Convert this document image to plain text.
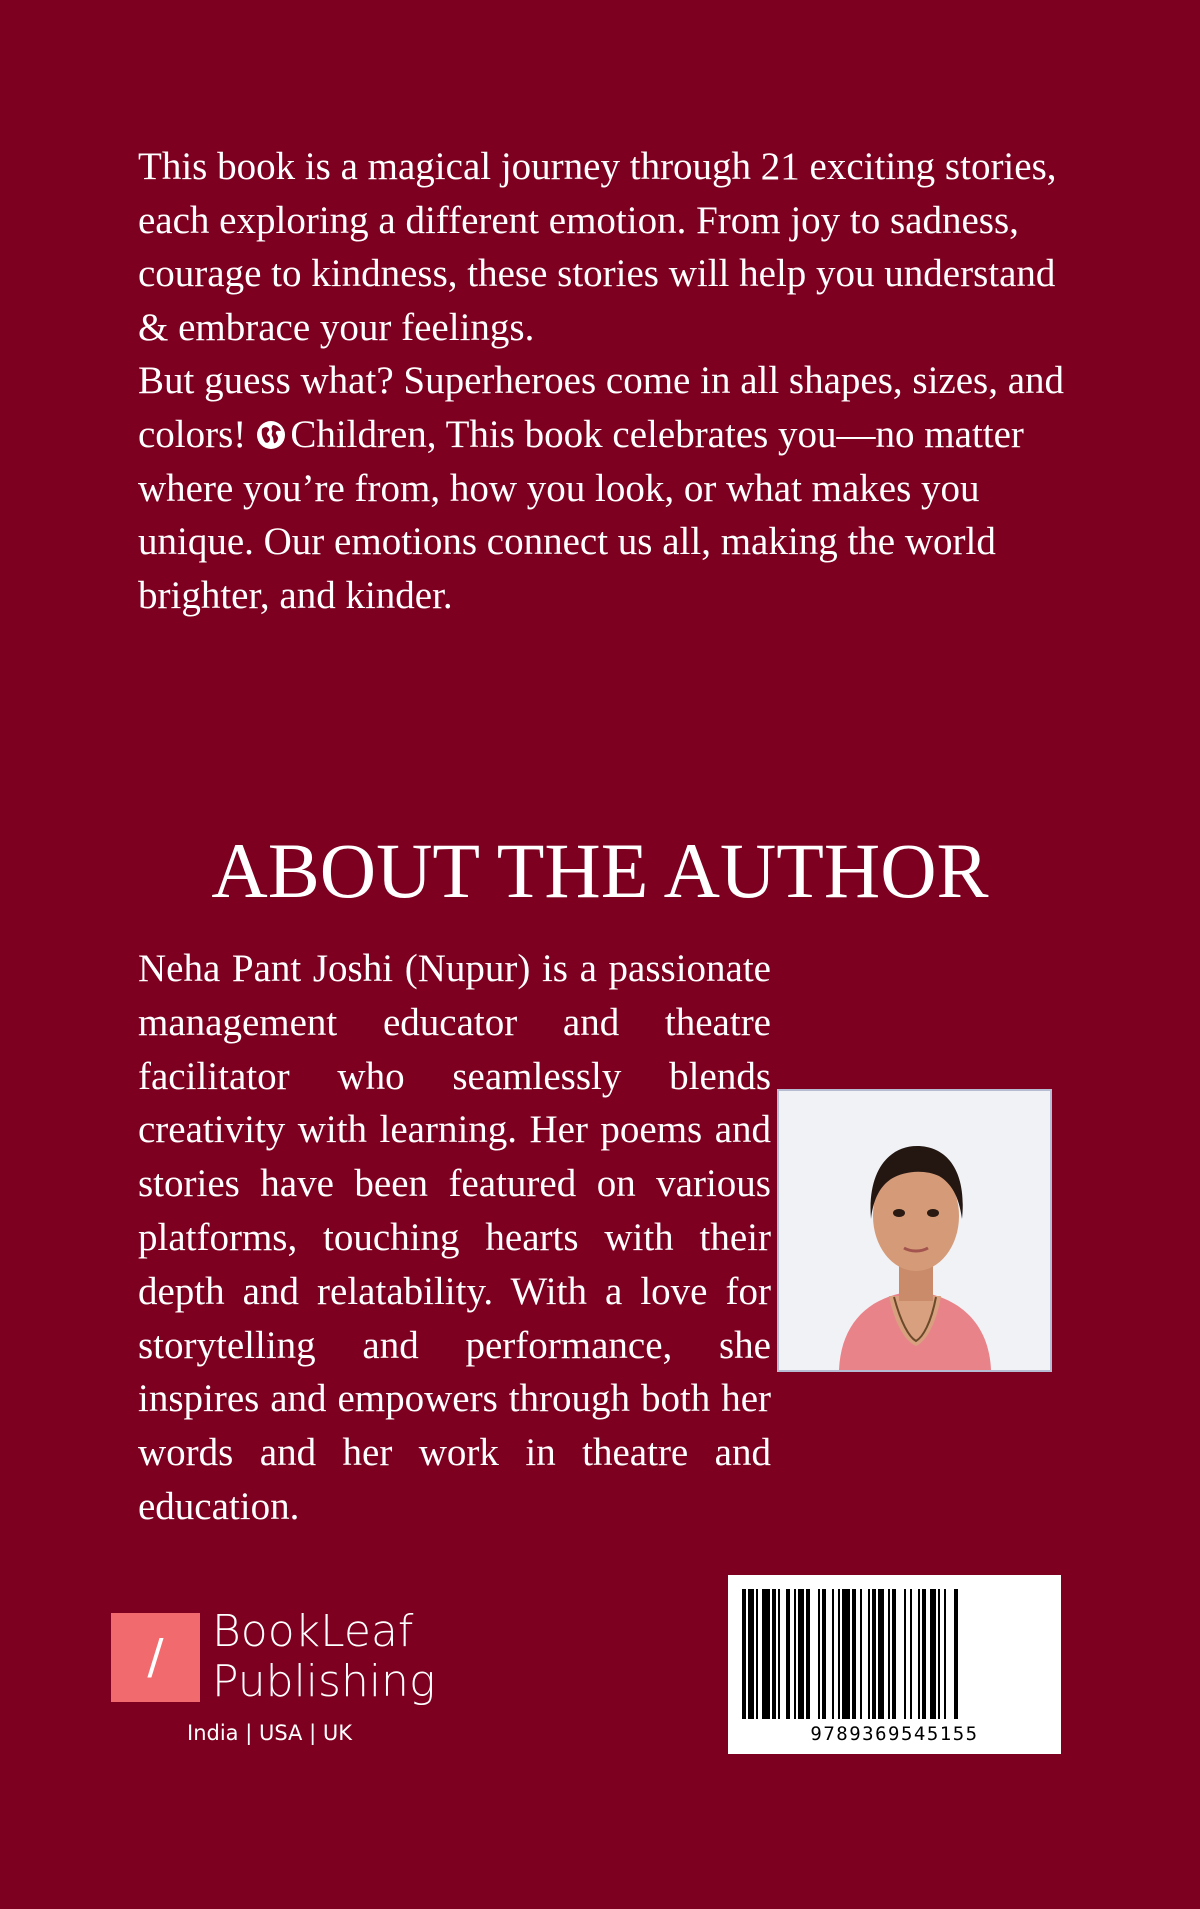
This book is a magical journey through 21 exciting stories, each exploring a different emotion. From joy to sadness, courage to kindness, these stories will help you understand & embrace your feelings.

But guess what? Superheroes come in all shapes, sizes, and colors! Children, This book celebrates you—no matter where you’re from, how you look, or what makes you unique. Our emotions connect us all, making the world brighter, and kinder.

ABOUT THE AUTHOR

Neha Pant Joshi (Nupur) is a passionate management educator and theatre facilitator who seamlessly blends creativity with learning. Her poems and stories have been featured on various platforms, touching hearts with their depth and relatability. With a love for storytelling and performance, she inspires and empowers through both her words and her work in theatre and education.

/	BookLeaf
Publishing

India | USA | UK	9789369545155
